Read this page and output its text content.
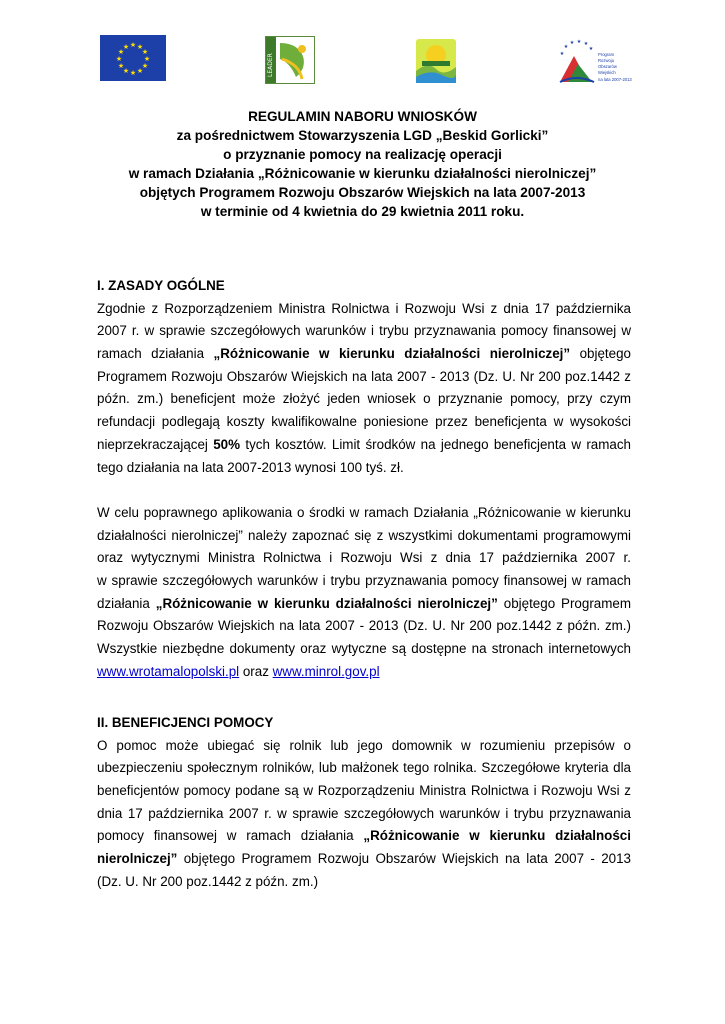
★ ★
★
★
★
★
★
★
★
★
★
★
LEADER
★
★ ★ ★
★
★	Program
Rozwoju
Obszarów
Wiejskich
na lata 2007-2013
REGULAMIN NABORU WNIOSKÓW
za pośrednictwem Stowarzyszenia LGD „Beskid Gorlicki”
o przyznanie pomocy na realizację operacji
w ramach Działania „Różnicowanie w kierunku działalności nierolniczej”
objętych Programem Rozwoju Obszarów Wiejskich na lata 2007-2013
w terminie od 4 kwietnia do 29 kwietnia 2011 roku.
I. ZASADY OGÓLNE
Zgodnie z Rozporządzeniem Ministra Rolnictwa i Rozwoju Wsi z dnia 17 października
2007 r. w sprawie szczegółowych warunków i trybu przyznawania pomocy finansowej w
ramach działania „Różnicowanie w kierunku działalności nierolniczej” objętego
Programem Rozwoju Obszarów Wiejskich na lata 2007 - 2013 (Dz. U. Nr 200 poz.1442 z
późn. zm.) beneficjent może złożyć jeden wniosek o przyznanie pomocy, przy czym
refundacji podlegają koszty kwalifikowalne poniesione przez beneficjenta w wysokości
nieprzekraczającej 50% tych kosztów. Limit środków na jednego beneficjenta w ramach
tego działania na lata 2007-2013 wynosi 100 tyś. zł.
W celu poprawnego aplikowania o środki w ramach Działania „Różnicowanie w kierunku
działalności nierolniczej” należy zapoznać się z wszystkimi dokumentami programowymi
oraz wytycznymi Ministra Rolnictwa i Rozwoju Wsi z dnia 17 października 2007 r.
w sprawie szczegółowych warunków i trybu przyznawania pomocy finansowej w ramach
działania „Różnicowanie w kierunku działalności nierolniczej” objętego Programem
Rozwoju Obszarów Wiejskich na lata 2007 - 2013 (Dz. U. Nr 200 poz.1442 z późn. zm.)
Wszystkie niezbędne dokumenty oraz wytyczne są dostępne na stronach internetowych
www.wrotamalopolski.pl oraz www.minrol.gov.pl
II. BENEFICJENCI POMOCY
O pomoc może ubiegać się rolnik lub jego domownik w rozumieniu przepisów o
ubezpieczeniu społecznym rolników, lub małżonek tego rolnika. Szczegółowe kryteria dla
beneficjentów pomocy podane są w Rozporządzeniu Ministra Rolnictwa i Rozwoju Wsi z
dnia 17 października 2007 r. w sprawie szczegółowych warunków i trybu przyznawania
pomocy finansowej w ramach działania „Różnicowanie w kierunku działalności
nierolniczej” objętego Programem Rozwoju Obszarów Wiejskich na lata 2007 - 2013
(Dz. U. Nr 200 poz.1442 z późn. zm.)
